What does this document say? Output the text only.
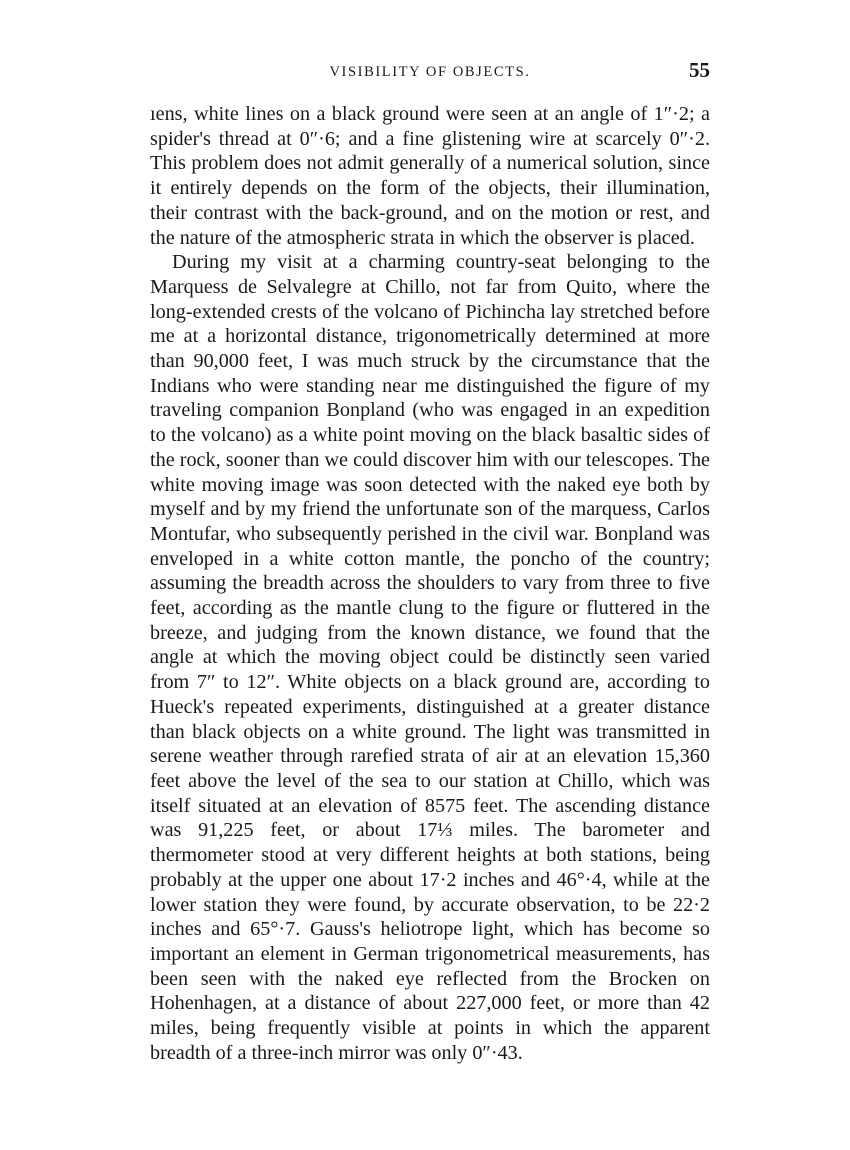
VISIBILITY OF OBJECTS.	55

ıens, white lines on a black ground were seen at an angle of 1″·2; a spider's thread at 0″·6; and a fine glistening wire at scarcely 0″·2. This problem does not admit generally of a numerical solution, since it entirely depends on the form of the objects, their illumination, their contrast with the back-ground, and on the motion or rest, and the nature of the atmospheric strata in which the observer is placed.

During my visit at a charming country-seat belonging to the Marquess de Selvalegre at Chillo, not far from Quito, where the long-extended crests of the volcano of Pichincha lay stretched before me at a horizontal distance, trigonometrically determined at more than 90,000 feet, I was much struck by the circumstance that the Indians who were standing near me distinguished the figure of my traveling companion Bonpland (who was engaged in an expedition to the volcano) as a white point moving on the black basaltic sides of the rock, sooner than we could discover him with our telescopes. The white moving image was soon detected with the naked eye both by myself and by my friend the unfortunate son of the marquess, Carlos Montufar, who subsequently perished in the civil war. Bonpland was enveloped in a white cotton mantle, the poncho of the country; assuming the breadth across the shoulders to vary from three to five feet, according as the mantle clung to the figure or fluttered in the breeze, and judging from the known distance, we found that the angle at which the moving object could be distinctly seen varied from 7″ to 12″. White objects on a black ground are, according to Hueck's repeated experiments, distinguished at a greater distance than black objects on a white ground. The light was transmitted in serene weather through rarefied strata of air at an elevation 15,360 feet above the level of the sea to our station at Chillo, which was itself situated at an elevation of 8575 feet. The ascending distance was 91,225 feet, or about 17⅓ miles. The barometer and thermometer stood at very different heights at both stations, being probably at the upper one about 17·2 inches and 46°·4, while at the lower station they were found, by accurate observation, to be 22·2 inches and 65°·7. Gauss's heliotrope light, which has become so important an element in German trigonometrical measurements, has been seen with the naked eye reflected from the Brocken on Hohenhagen, at a distance of about 227,000 feet, or more than 42 miles, being frequently visible at points in which the apparent breadth of a three-inch mirror was only 0″·43.
